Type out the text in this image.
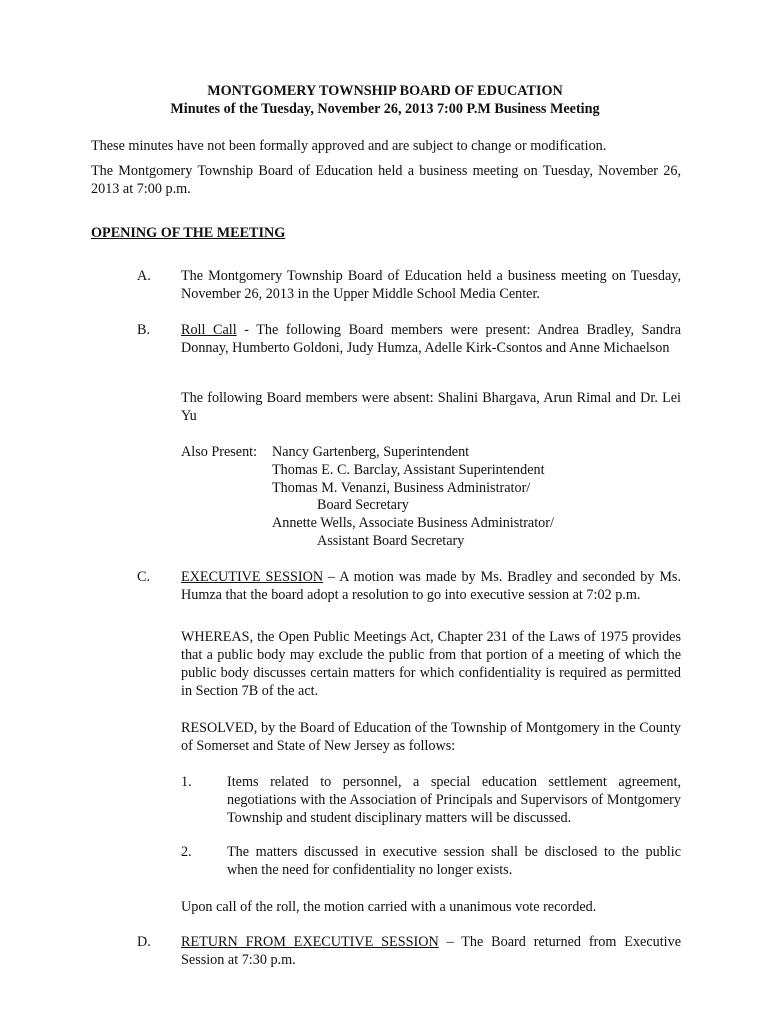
MONTGOMERY TOWNSHIP BOARD OF EDUCATION

Minutes of the Tuesday, November 26, 2013 7:00 P.M Business Meeting

These minutes have not been formally approved and are subject to change or modification.

The Montgomery Township Board of Education held a business meeting on Tuesday, November 26, 2013 at 7:00 p.m.

OPENING OF THE MEETING

A.	The Montgomery Township Board of Education held a business meeting on Tuesday, November 26, 2013 in the Upper Middle School Media Center.

B.	Roll Call - The following Board members were present: Andrea Bradley, Sandra Donnay, Humberto Goldoni, Judy Humza, Adelle Kirk-Csontos and Anne Michaelson

The following Board members were absent: Shalini Bhargava, Arun Rimal and Dr. Lei Yu

Also Present: Nancy Gartenberg, Superintendent

Thomas E. C. Barclay, Assistant Superintendent

Thomas M. Venanzi, Business Administrator/

Board Secretary

Annette Wells, Associate Business Administrator/

Assistant Board Secretary

C.	EXECUTIVE SESSION – A motion was made by Ms. Bradley and seconded by Ms. Humza that the board adopt a resolution to go into executive session at 7:02 p.m.

WHEREAS, the Open Public Meetings Act, Chapter 231 of the Laws of 1975 provides that a public body may exclude the public from that portion of a meeting of which the public body discusses certain matters for which confidentiality is required as permitted in Section 7B of the act.

RESOLVED, by the Board of Education of the Township of Montgomery in the County of Somerset and State of New Jersey as follows:

1. Items related to personnel, a special education settlement agreement, negotiations with the Association of Principals and Supervisors of Montgomery Township and student disciplinary matters will be discussed.

2. The matters discussed in executive session shall be disclosed to the public when the need for confidentiality no longer exists.

Upon call of the roll, the motion carried with a unanimous vote recorded.

D.	RETURN FROM EXECUTIVE SESSION – The Board returned from Executive Session at 7:30 p.m.
